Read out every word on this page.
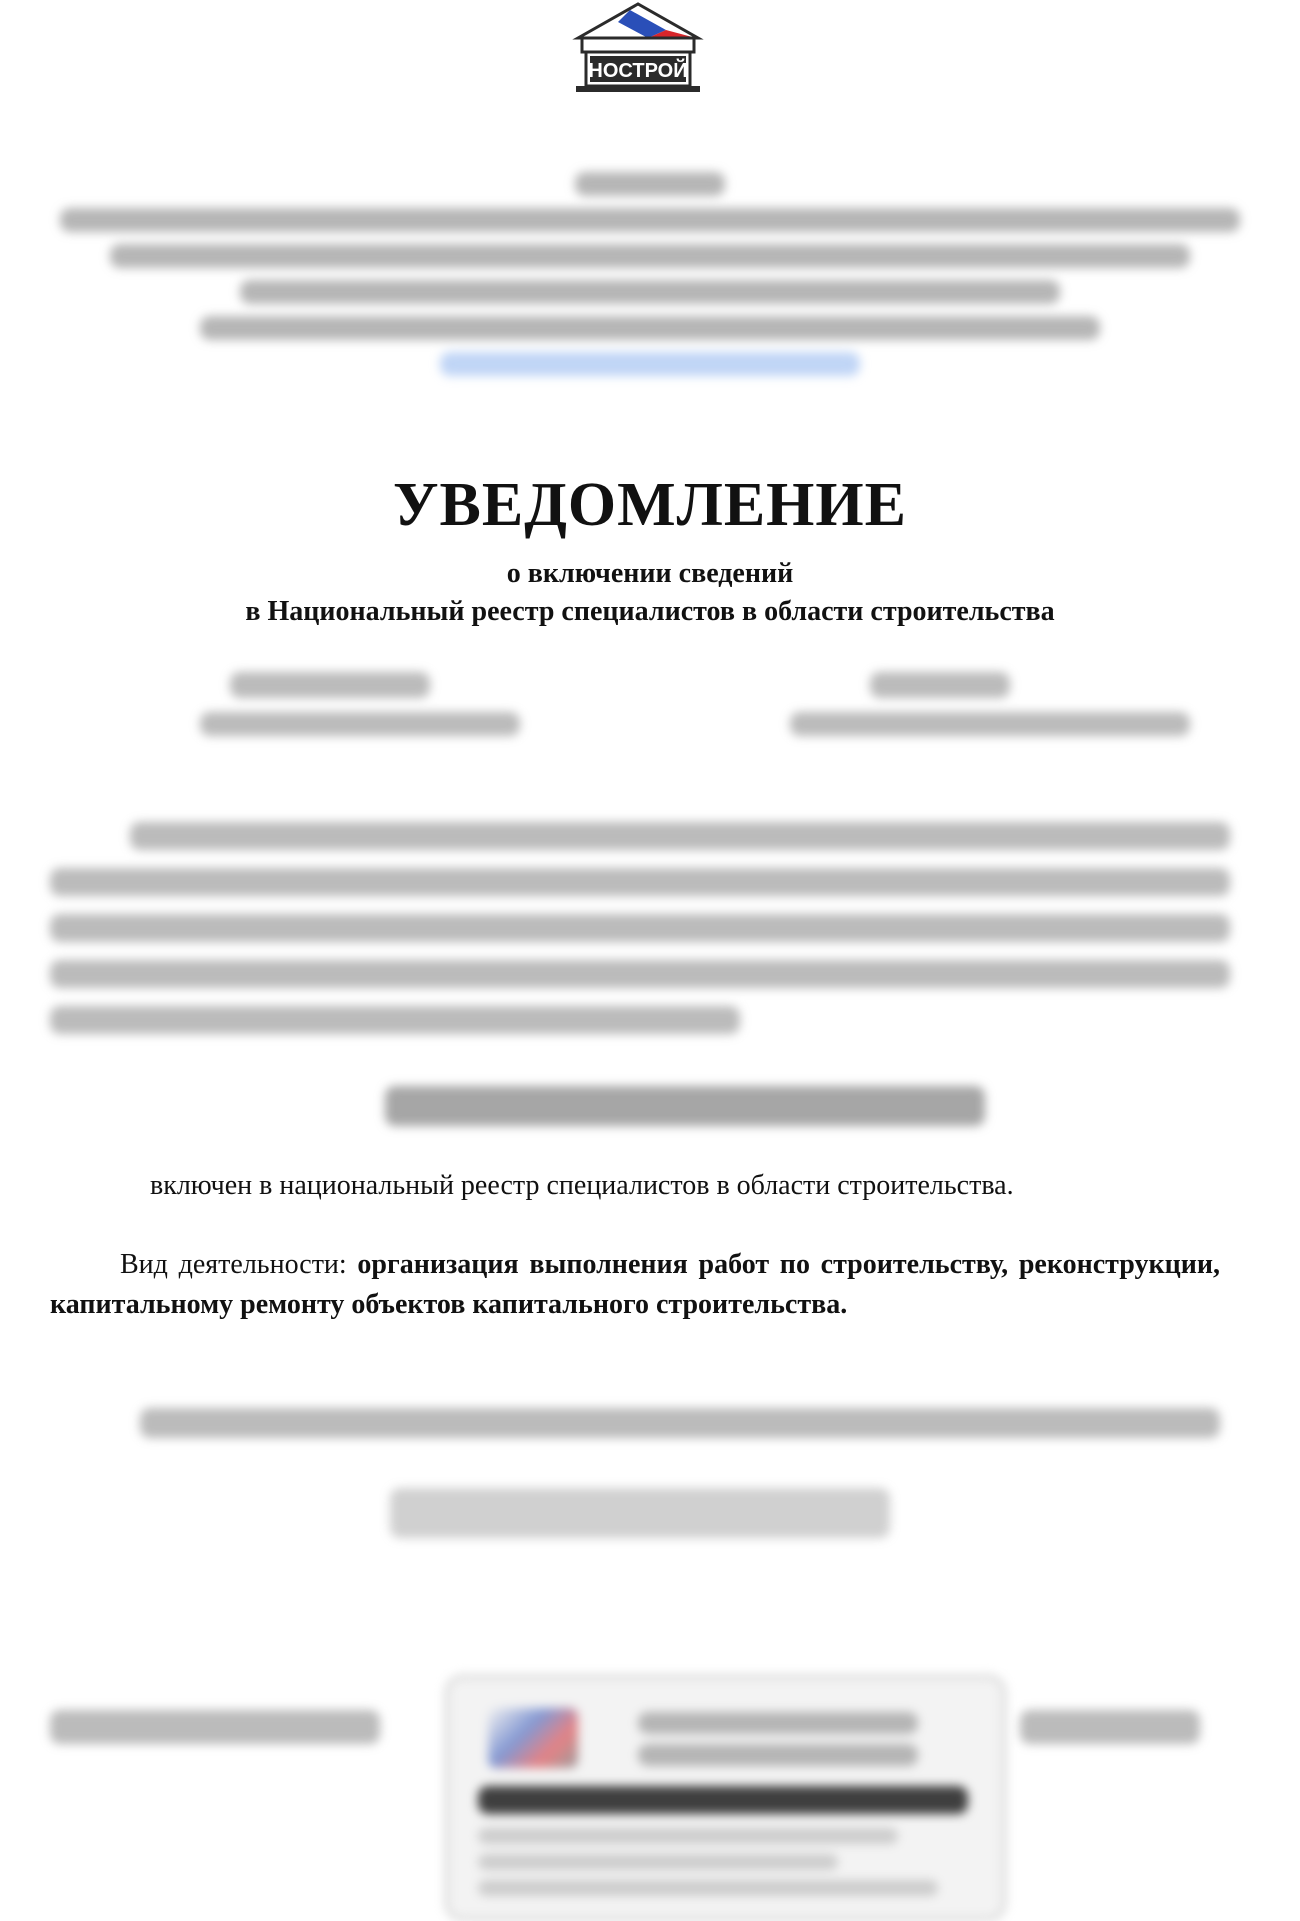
НОСТРОЙ
УВЕДОМЛЕНИЕ

о включении сведений

в Национальный реестр специалистов в области строительства

включен в национальный реестр специалистов в области строительства.

Вид деятельности: организация выполнения работ по строительству, реконструкции, капитальному ремонту объектов капитального строительства.
